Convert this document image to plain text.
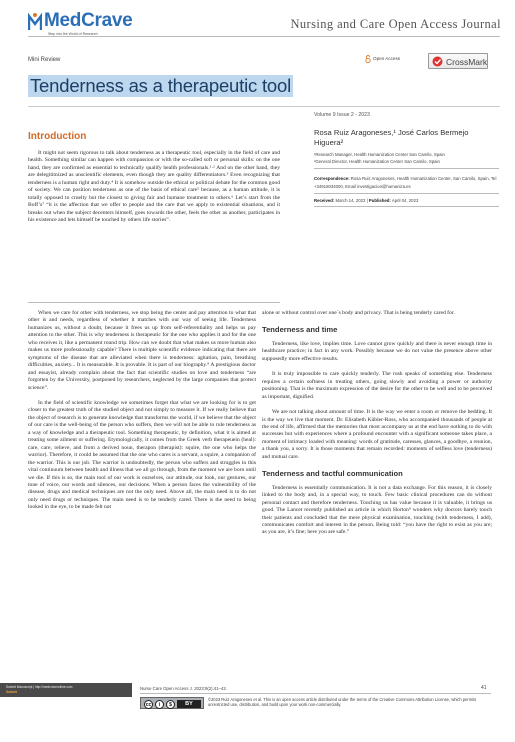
MedCrave
Step into the World of Research
Nursing and Care Open Access Journal
Mini Review	Open Access	CrossMark
Tenderness as a therapeutic tool
Volume 9 Issue 2 - 2023
Rosa Ruiz Aragoneses,¹ José Carlos Bermejo Higuera²
¹Research Manager, Health Humanization Center San Camilo, Spain
²General Director, Health Humanization Center San Camilo, Spain
Correspondence: Rosa Ruiz Aragoneses, Health Humanization Center, San Camilo, Spain, Tel +34918034000, Email investigacion@humaniza.es
Received: March 14, 2023 | Published: April 04, 2023
Introduction

It might not seem rigorous to talk about tenderness as a therapeutic tool, especially in the field of care and health. Something similar can happen with compassion or with the so-called soft or personal skills: on the one hand, they are confirmed as essential to technically qualify health professionals.¹·² And on the other hand, they are delegitimized as unscientific elements, even though they are quality differentiators.³ Even recognizing that tenderness is a human right and duty.⁴ It is somehow outside the ethical or political debate for the common good of society. We can position tenderness as one of the basis of ethical care⁵ because, as a human attitude, it is totally opposed to cruelty but the closest to giving fair and humane treatment to others.⁶ Let’s start from the Boff’s⁷ “it is the affection that we offer to people and the care that we apply to existential situations, and it breaks out when the subject decenters himself, goes towards the other, feels the other as another, participates in his existence and lets himself be touched by others life stories”.

When we care for other with tenderness, we stop being the center and pay attention to what that other is and needs, regardless of whether it matches with our way of seeing life. Tenderness humanizes us, without a doubt, because it frees us up from self-referentiality and helps us pay attention to the other. This is why tenderness is therapeutic for the one who applies it and for the one who receives it, like a permanent round trip. How can we doubt that what makes us more human also makes us more professionally capable? There is multiple scientific evidence indicating that there are symptoms of the disease that are alleviated when there is tenderness: agitation, pain, breathing difficulties, anxiety... It is measurable. It is provable. It is part of our biography.⁸ A prestigious doctor and essayist, already complain about the fact that scientific studies on love and tenderness “are forgotten by the University, postponed by researchers, neglected by the large companies that protect science”.

In the field of scientific knowledge we sometimes forget that what we are looking for is to get closer to the greatest truth of the studied object and not simply to measure it. If we really believe that the object of research is to generate knowledge that transforms the world, if we believe that the object of our care is the well-being of the person who suffers, then we will not be able to rule tenderness as a way of knowledge and a therapeutic tool. Something therapeutic, by definition, what it is aimed at treating some ailment or suffering. Etymologically, it comes from the Greek verb therapeuein (heal): care, care, relieve, and from a derived noun, therapon (therapist): squire, the one who helps the warrior). Therefore, it could be assumed that the one who cares is a servant, a squire, a companion of the warrior. This is our job. The warrior is undoubtedly, the person who suffers and struggles in this vital continuum between health and illness that we all go through, from the moment we are born until we die. If this is so, the main tool of our work is ourselves, our attitude, our look, our gestures, our tone of voice, our words and silences, our decisions. When a person faces the vulnerability of the disease, drugs and medical techniques are not the only need. Above all, the main need is to do not only need drugs or techniques. The main need is to be tenderly cared. There is the need to being looked in the eye, to be made felt not

alone or without control over one´s body and privacy. That is being tenderly cared for.

Tenderness and time

Tenderness, like love, implies time. Love cannot grow quickly and there is never enough time in healthcare practice; in fact in any work. Possibly because we do not value the presence above other supposedly more effective results.

It is truly impossible to care quickly tenderly. The rush speaks of something else. Tenderness requires a certain softness in treating others, going slowly and avoiding a power or authority positioning. That is the maximum expression of the desire for the other to be well and to be perceived as important, dignified.

We are not talking about amount of time. It is the way we enter a room or remove the bedding. It is the way we live that moment. Dr. Elisabeth Kübler-Ross, who accompanied thousands of people at the end of life, affirmed that the memories that most accompany us at the end have nothing to do with successes but with experiences where a profound encounter with a significant someone takes place, a moment of intimacy loaded with meaning: words of gratitude, caresses, glances, a goodbye, a reunion, a thank you, a sorry. It is those moments that remain recorded: moments of selfless love (tenderness) and mutual care.

Tenderness and tactful communication

Tenderness is essentially communication. It is not a data exchange. For this reason, it is closely linked to the body and, in a special way, to touch. Few basic clinical procedures can do without personal contact and therefore tenderness. Touching us has value because it is valuable, it brings us good. The Lancet recently published an article in which Horton⁹ wonders why doctors barely touch their patients and concluded that the mere physical examination, touching (with tenderness, I add), communicates comfort and interest in the person. Being told: “you have the right to exist as you are; as you are, it’s fine; here you are safe.”

Submit Manuscript | http://medcraveonline.com
Submit
Nurse Care Open Access J. 2023;9(2):41‒42.	41
cc	i	$	BY
©2023 Ruiz Aragoneses et al. This is an open access article distributed under the terms of the Creative Commons Attribution License, which permits unrestricted use, distribution, and build upon your work non-commercially.
